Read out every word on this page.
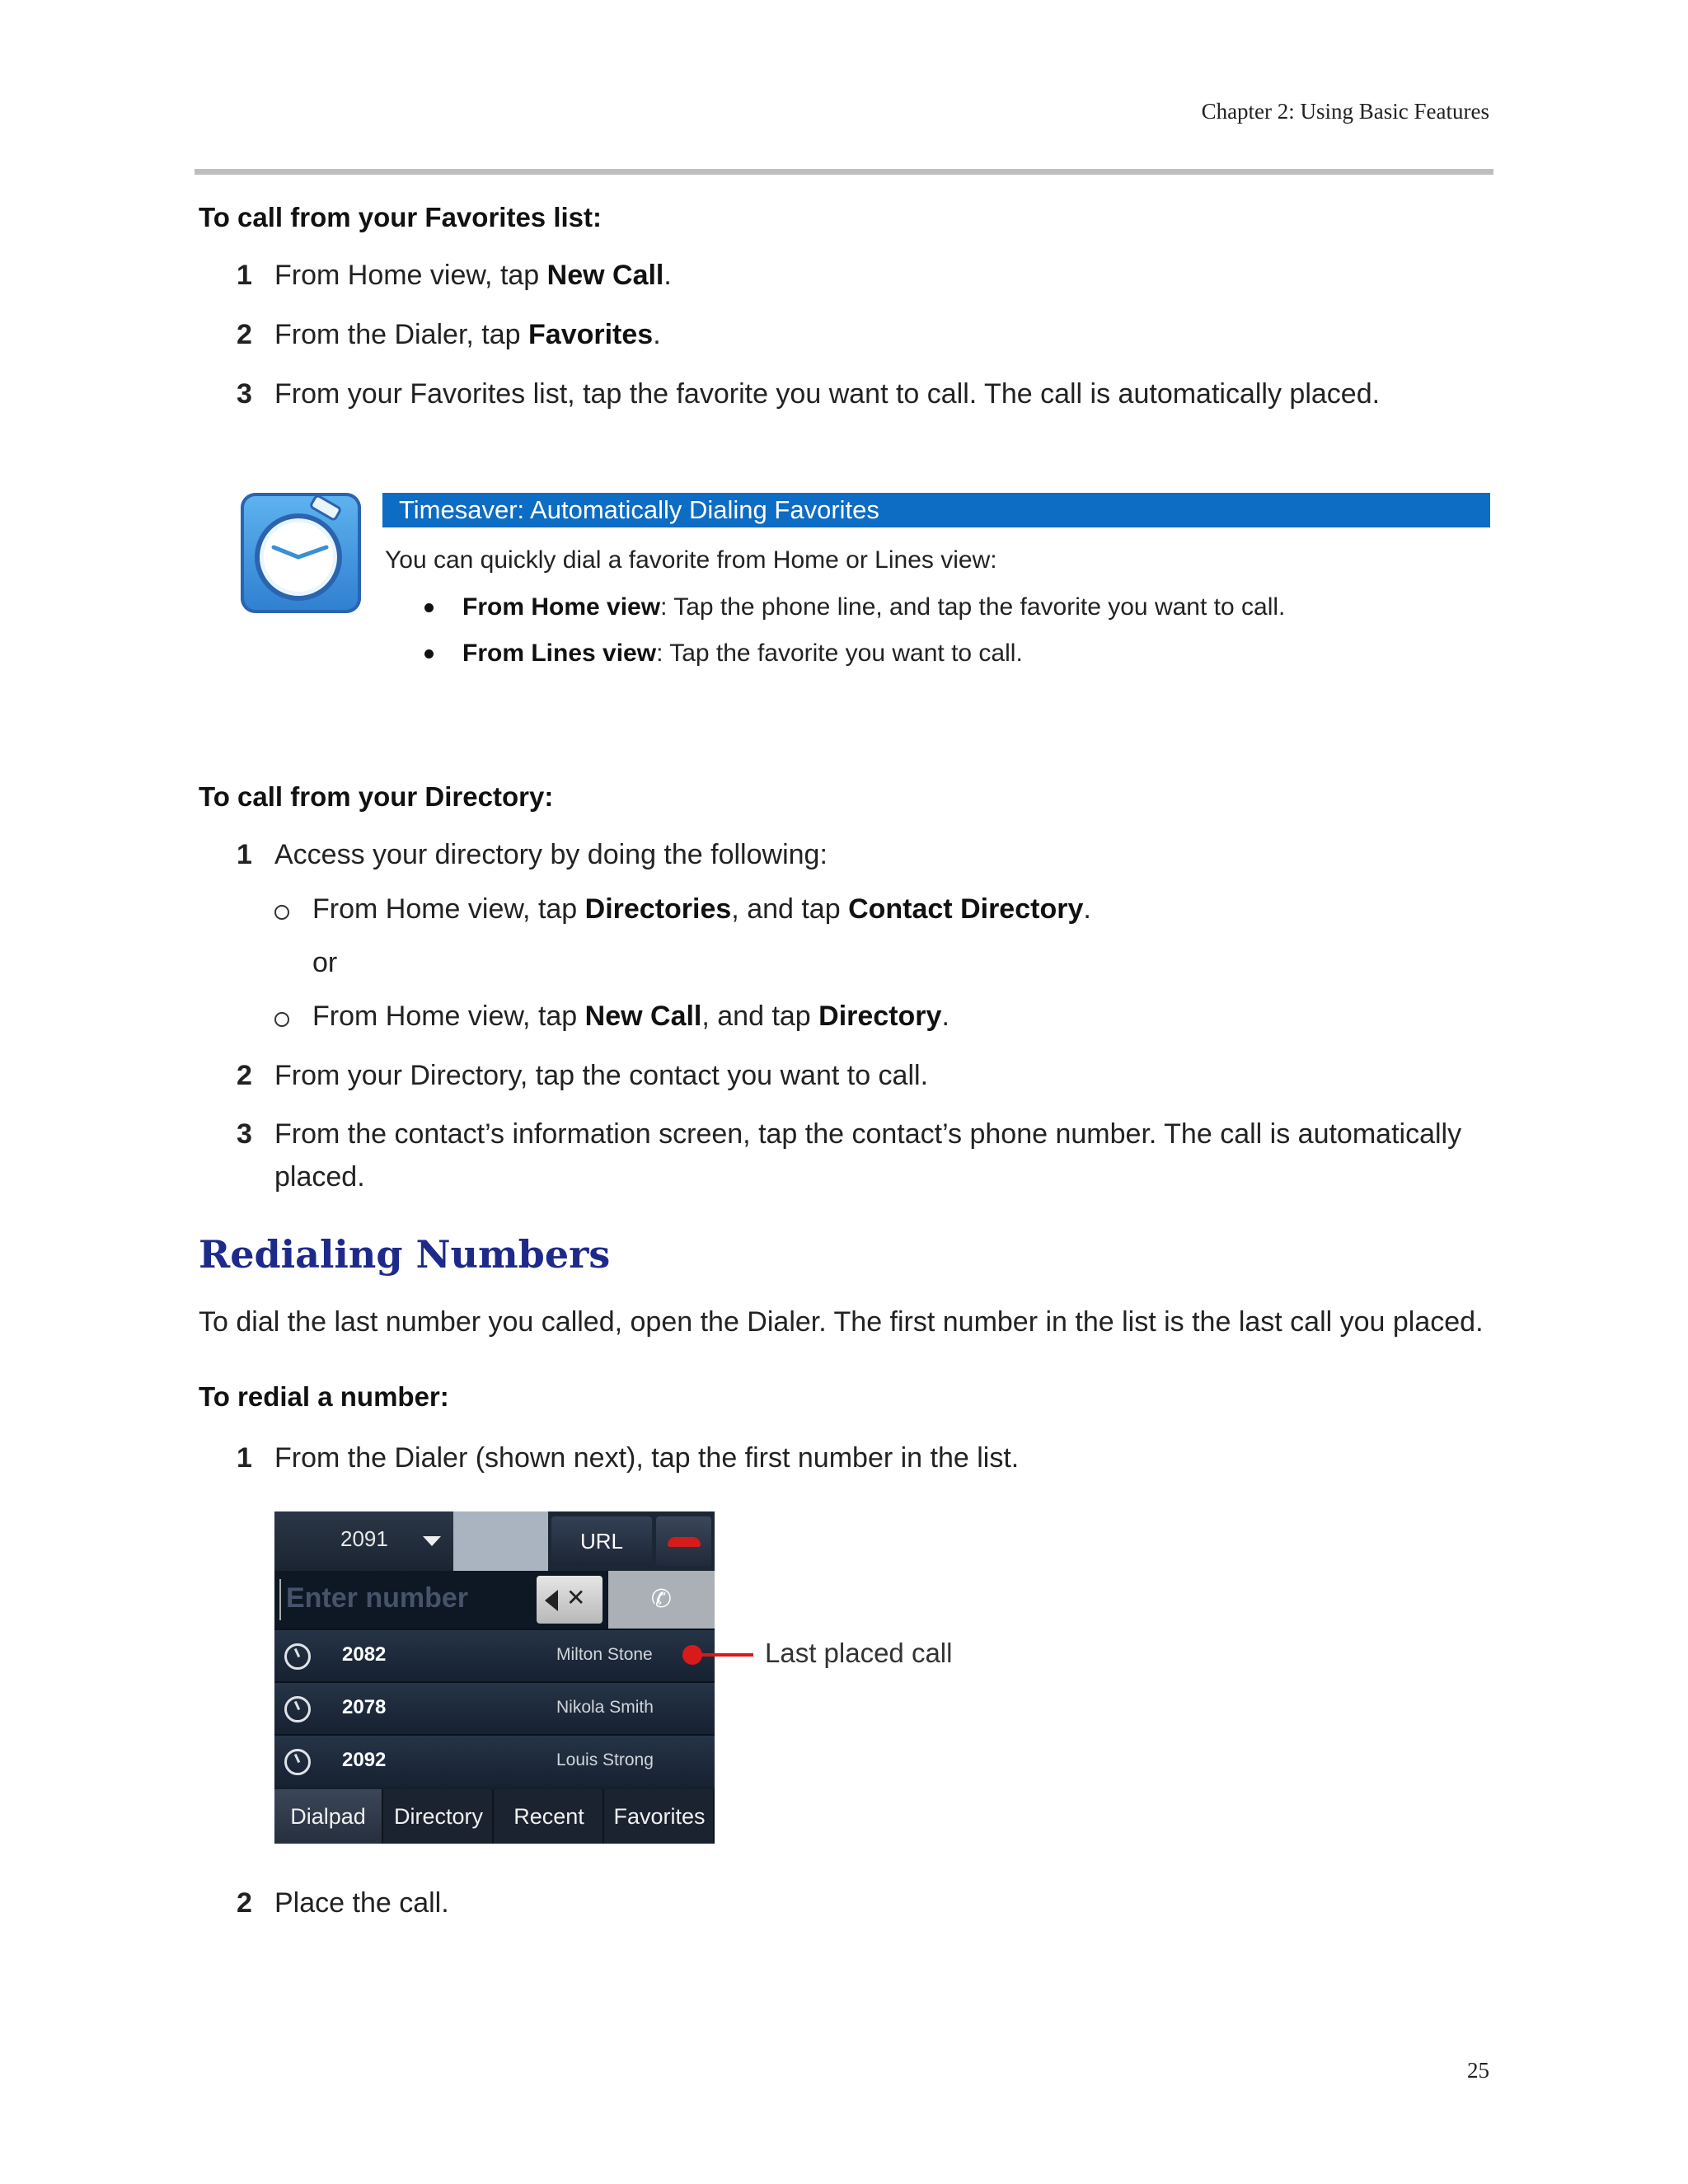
Chapter 2: Using Basic Features
To call from your Favorites list:
1 From Home view, tap New Call.
2 From the Dialer, tap Favorites.
3 From your Favorites list, tap the favorite you want to call. The call is automatically placed.
Timesaver: Automatically Dialing Favorites
You can quickly dial a favorite from Home or Lines view:
From Home view: Tap the phone line, and tap the favorite you want to call.
From Lines view: Tap the favorite you want to call.
To call from your Directory:
1 Access your directory by doing the following:
From Home view, tap Directories, and tap Contact Directory.
or
From Home view, tap New Call, and tap Directory.
2 From your Directory, tap the contact you want to call.
3 From the contact’s information screen, tap the contact’s phone number. The call is automatically
placed.
Redialing Numbers
To dial the last number you called, open the Dialer. The first number in the list is the last call you placed.
To redial a number:
1 From the Dialer (shown next), tap the first number in the list.
2091	URL
Enter number
✕	✆
2082	Milton Stone
2078	Nikola Smith
2092	Louis Strong
Dialpad	Directory	Recent	Favorites
Last placed call
2 Place the call.
25
